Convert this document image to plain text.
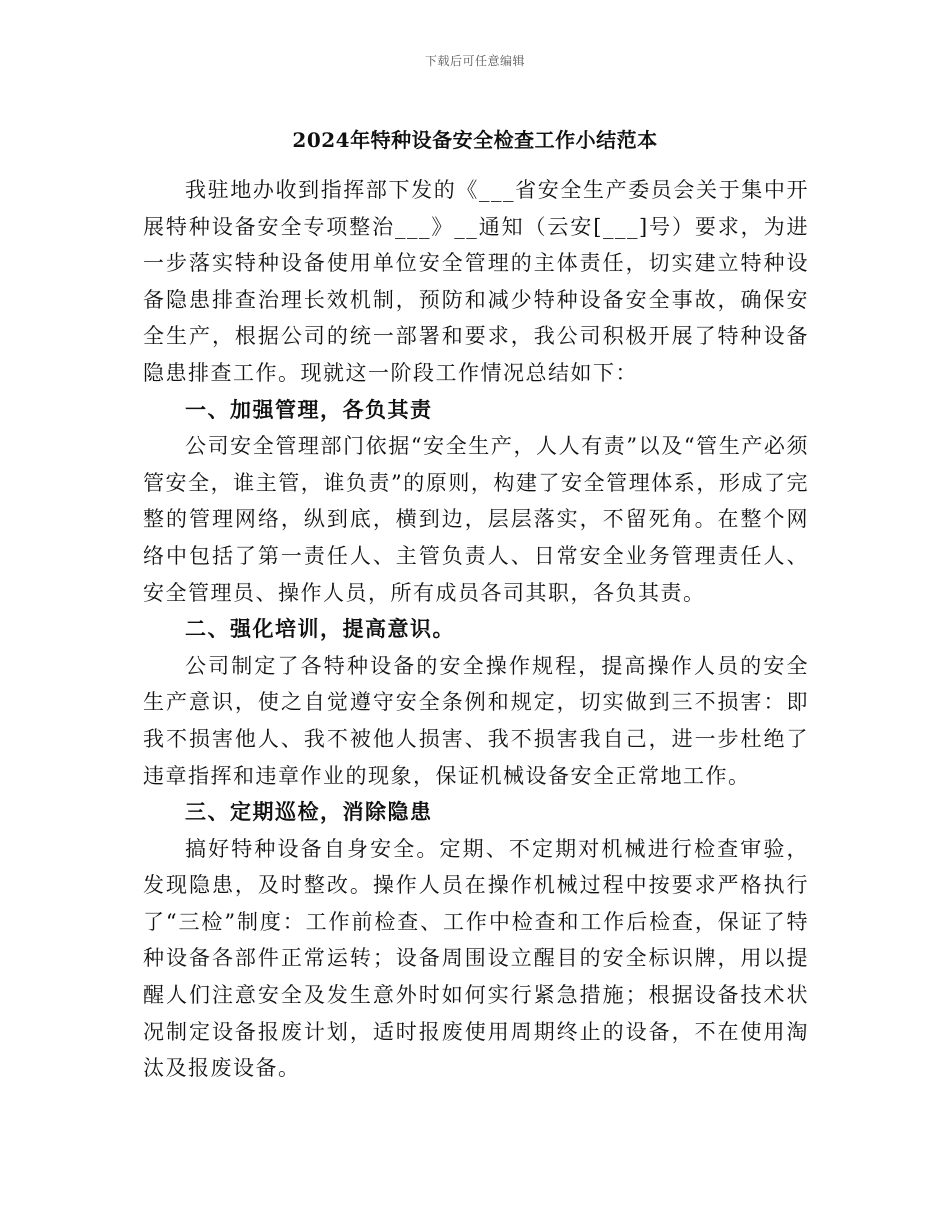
下载后可任意编辑
2024年特种设备安全检查工作小结范本

我驻地办收到指挥部下发的《___省安全生产委员会关于集中开展特种设备安全专项整治___》__通知（云安[___]号）要求，为进一步落实特种设备使用单位安全管理的主体责任，切实建立特种设备隐患排查治理长效机制，预防和减少特种设备安全事故，确保安全生产，根据公司的统一部署和要求，我公司积极开展了特种设备隐患排查工作。现就这一阶段工作情况总结如下：

一、加强管理，各负其责

公司安全管理部门依据“安全生产，人人有责”以及“管生产必须管安全，谁主管，谁负责”的原则，构建了安全管理体系，形成了完整的管理网络，纵到底，横到边，层层落实，不留死角。在整个网络中包括了第一责任人、主管负责人、日常安全业务管理责任人、安全管理员、操作人员，所有成员各司其职，各负其责。

二、强化培训，提高意识。

公司制定了各特种设备的安全操作规程，提高操作人员的安全生产意识，使之自觉遵守安全条例和规定，切实做到三不损害：即我不损害他人、我不被他人损害、我不损害我自己，进一步杜绝了违章指挥和违章作业的现象，保证机械设备安全正常地工作。

三、定期巡检，消除隐患

搞好特种设备自身安全。定期、不定期对机械进行检查审验，发现隐患，及时整改。操作人员在操作机械过程中按要求严格执行了“三检”制度：工作前检查、工作中检查和工作后检查，保证了特种设备各部件正常运转；设备周围设立醒目的安全标识牌，用以提醒人们注意安全及发生意外时如何实行紧急措施；根据设备技术状况制定设备报废计划，适时报废使用周期终止的设备，不在使用淘汰及报废设备。
